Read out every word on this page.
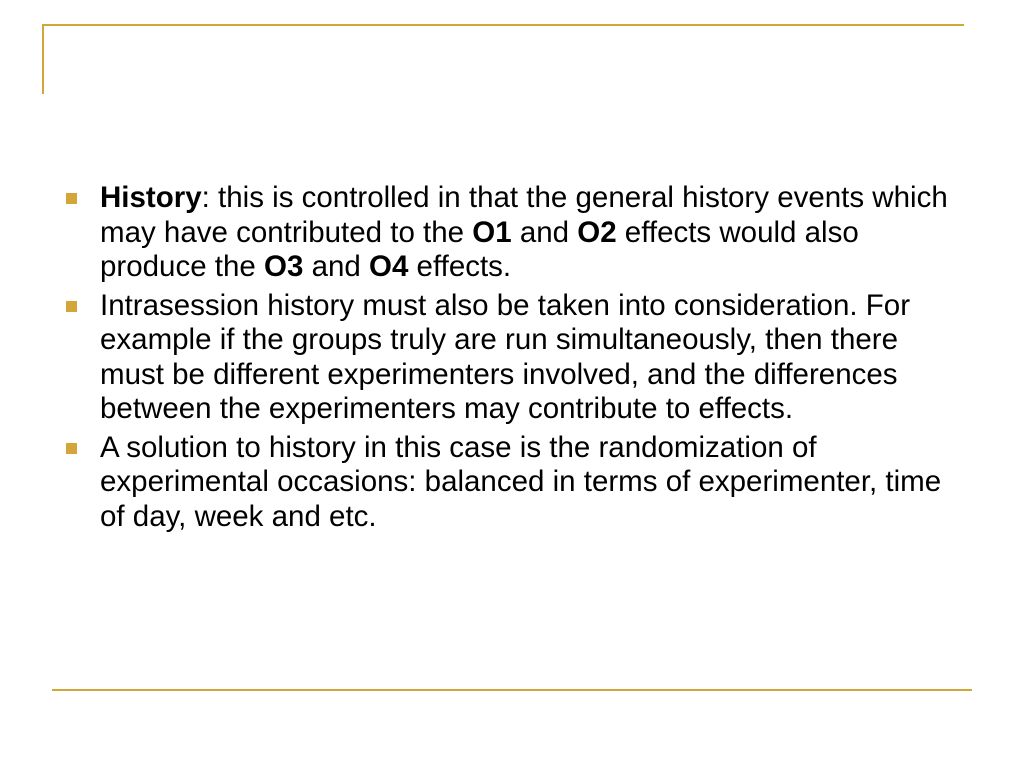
History: this is controlled in that the general history events which may have contributed to the O1 and O2 effects would also produce the O3 and O4 effects.
Intrasession history must also be taken into consideration. For example if the groups truly are run simultaneously, then there must be different experimenters involved, and the differences between the experimenters may contribute to effects.
A solution to history in this case is the randomization of experimental occasions: balanced in terms of experimenter, time of day, week and etc.
